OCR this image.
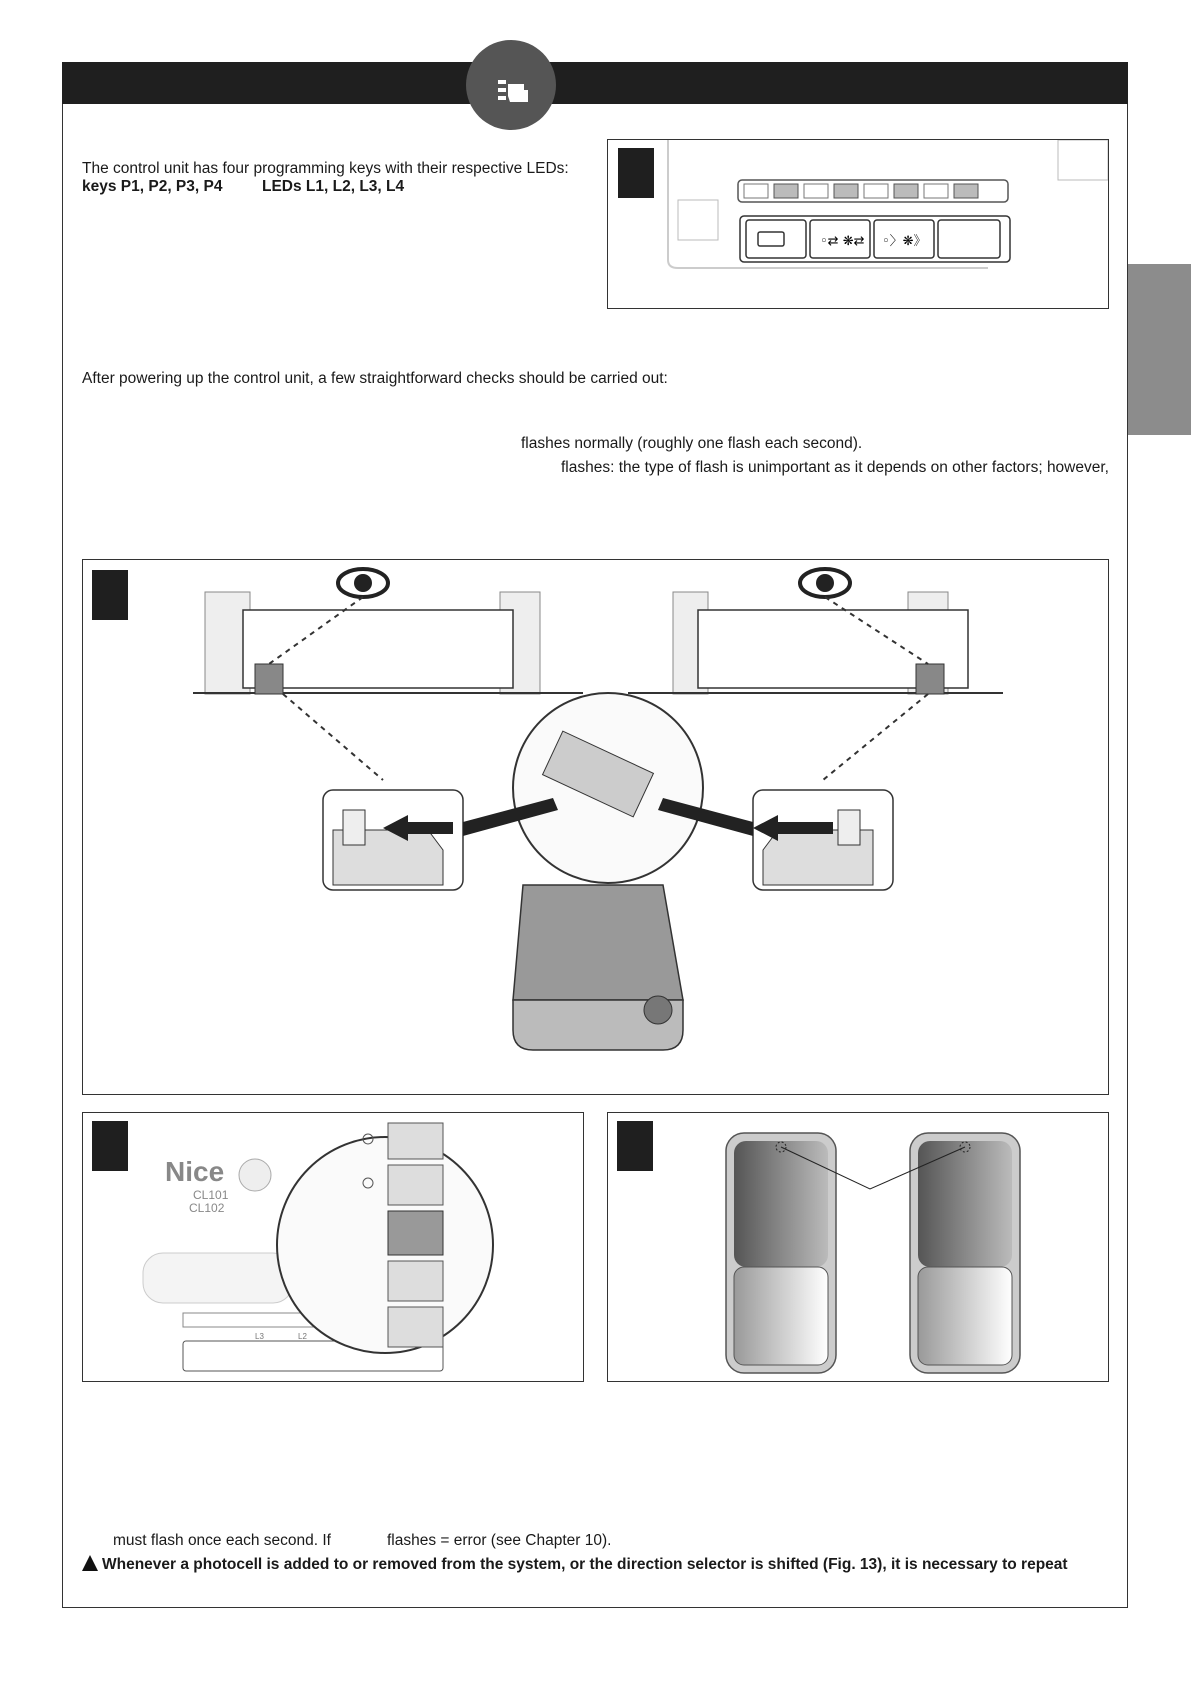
The control unit has four programming keys with their respective LEDs:
keys P1, P2, P3, P4	LEDs L1, L2, L3, L4
◦⇄ ❋⇄ ◦〉❋》
After powering up the control unit, a few straightforward checks should be carried out:
flashes normally (roughly one flash each second).
flashes: the type of flash is unimportant as it depends on other factors; however,
Nice
CL101
CL102
L3	L2
must flash once each second. If	flashes = error (see Chapter 10).
Whenever a photocell is added to or removed from the system, or the direction selector is shifted (Fig. 13), it is necessary to repeat
